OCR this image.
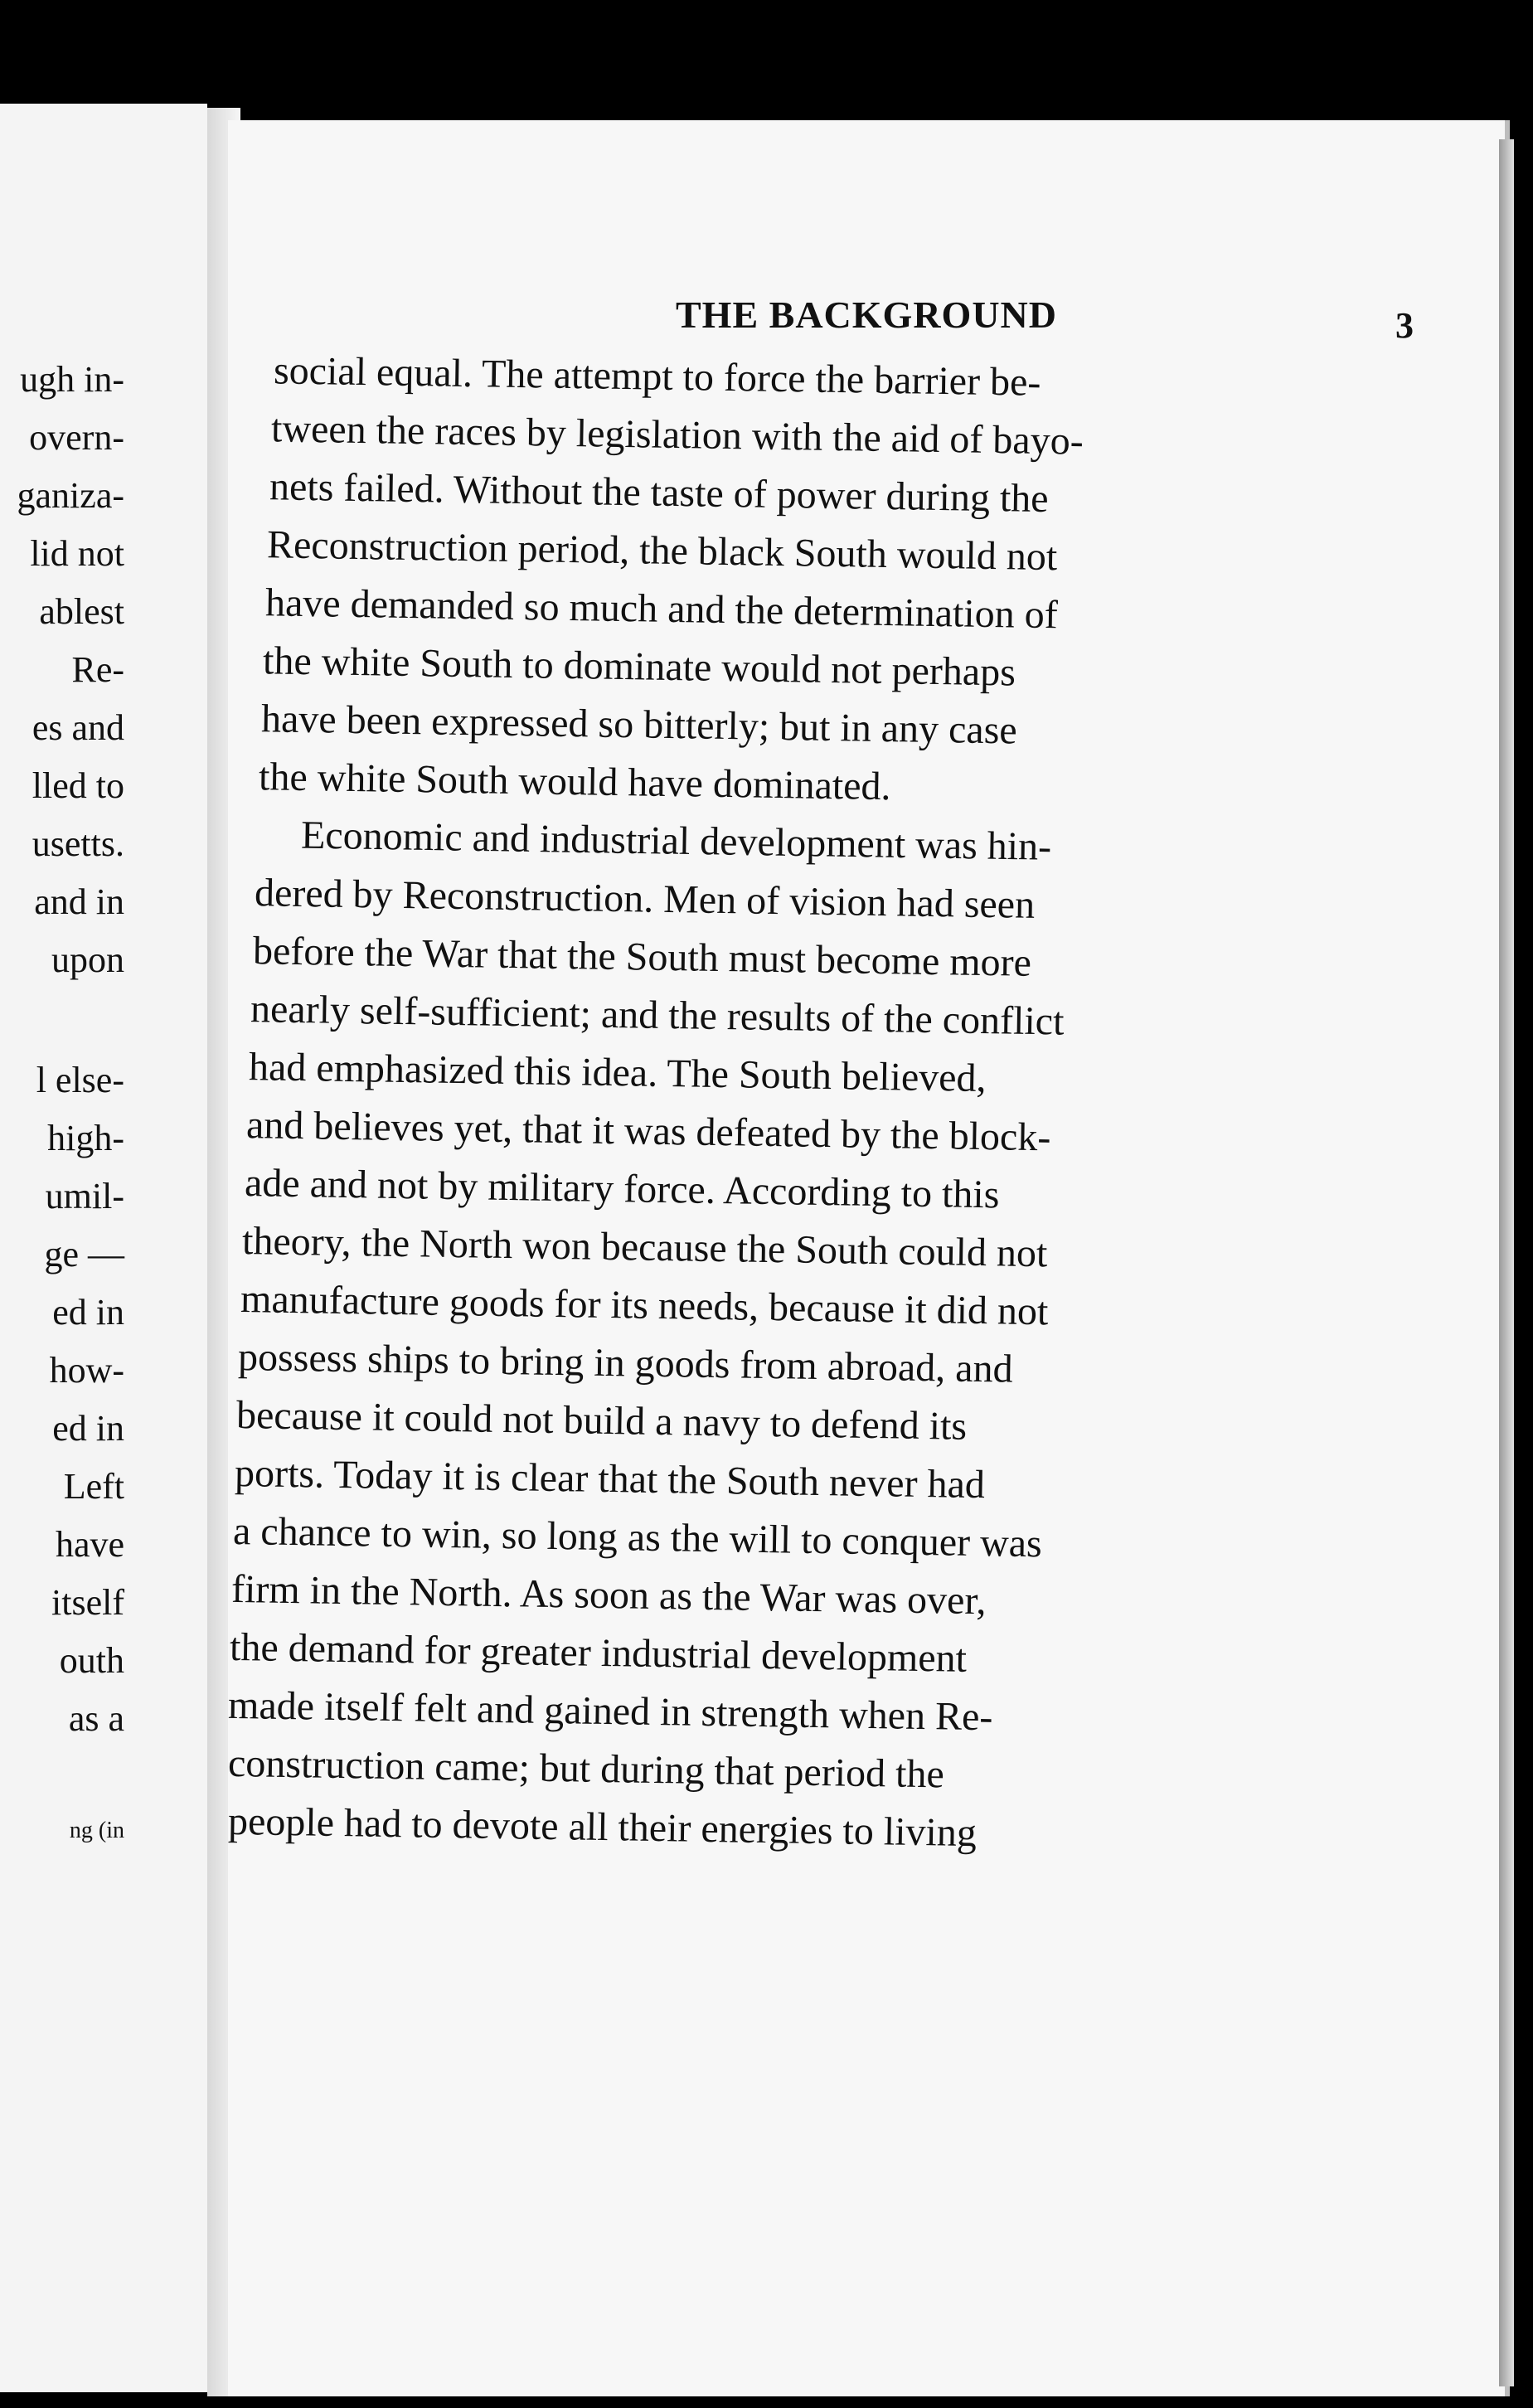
ugh in-
overn-
ganiza-
lid not
ablest
Re-
es and
lled to
usetts.
and in
upon
l else-
high-
umil-
ge —
ed in
how-
ed in
Left
have
itself
outh
as a
ng (in
THE BACKGROUND	3
social equal. The attempt to force the barrier be-
tween the races by legislation with the aid of bayo-
nets failed. Without the taste of power during the
Reconstruction period, the black South would not
have demanded so much and the determination of
the white South to dominate would not perhaps
have been expressed so bitterly; but in any case
the white South would have dominated.
Economic and industrial development was hin-
dered by Reconstruction. Men of vision had seen
before the War that the South must become more
nearly self-sufficient; and the results of the conflict
had emphasized this idea. The South believed,
and believes yet, that it was defeated by the block-
ade and not by military force. According to this
theory, the North won because the South could not
manufacture goods for its needs, because it did not
possess ships to bring in goods from abroad, and
because it could not build a navy to defend its
ports. Today it is clear that the South never had
a chance to win, so long as the will to conquer was
firm in the North. As soon as the War was over,
the demand for greater industrial development
made itself felt and gained in strength when Re-
construction came; but during that period the
people had to devote all their energies to living
